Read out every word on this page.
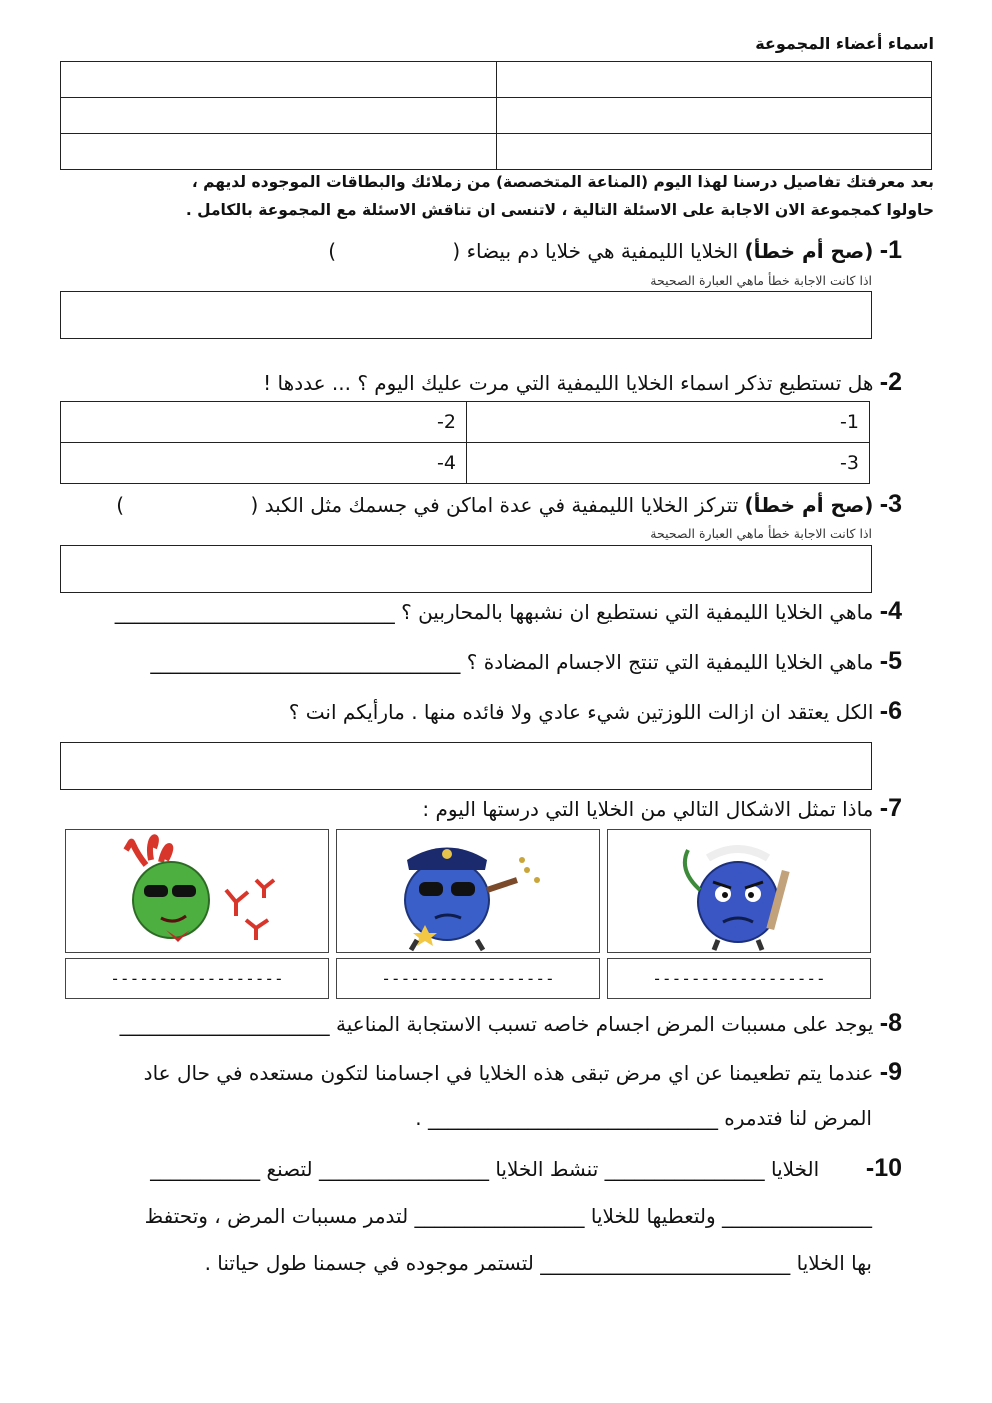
اسماء أعضاء المجموعة

بعد معرفتك تفاصيل درسنا لهذا اليوم (المناعة المتخصصة) من زملائك والبطاقات الموجوده لديهم ،
حاولوا كمجموعة الان الاجابة على الاسئلة التالية ، لاتنسى ان تناقش الاسئلة مع المجموعة بالكامل .
1- (صح أم خطأ) الخلايا الليمفية هي خلايا دم بيضاء ( )
اذا كانت الاجابة خطأ ماهي العبارة الصحيحة
2- هل تستطيع تذكر اسماء الخلايا الليمفية التي مرت عليك اليوم ؟ ... عددها !
1-	2-
3-	4-
3- (صح أم خطأ) تتركز الخلايا الليمفية في عدة اماكن في جسمك مثل الكبد ( )
اذا كانت الاجابة خطأ ماهي العبارة الصحيحة
4- ماهي الخلايا الليمفية التي نستطيع ان نشبهها بالمحاربين ؟ ____________________________
5- ماهي الخلايا الليمفية التي تنتج الاجسام المضادة ؟ _______________________________
6- الكل يعتقد ان ازالت اللوزتين شيء عادي ولا فائده منها . مارأيكم انت ؟
7- ماذا تمثل الاشكال التالي من الخلايا التي درستها اليوم :
------------------	------------------	------------------
8- يوجد على مسببات المرض اجسام خاصه تسبب الاستجابة المناعية _____________________
9- عندما يتم تطعيمنا عن اي مرض تبقى هذه الخلايا في اجسامنا لتكون مستعده في حال عاد
المرض لنا فتدمره _____________________________ .
10-  الخلايا ________________ تنشط الخلايا _________________ لتصنع ___________
_______________ ولتعطيها للخلايا _________________ لتدمر مسببات المرض ، وتحتفظ
بها الخلايا _________________________ لتستمر موجوده في جسمنا طول حياتنا .
